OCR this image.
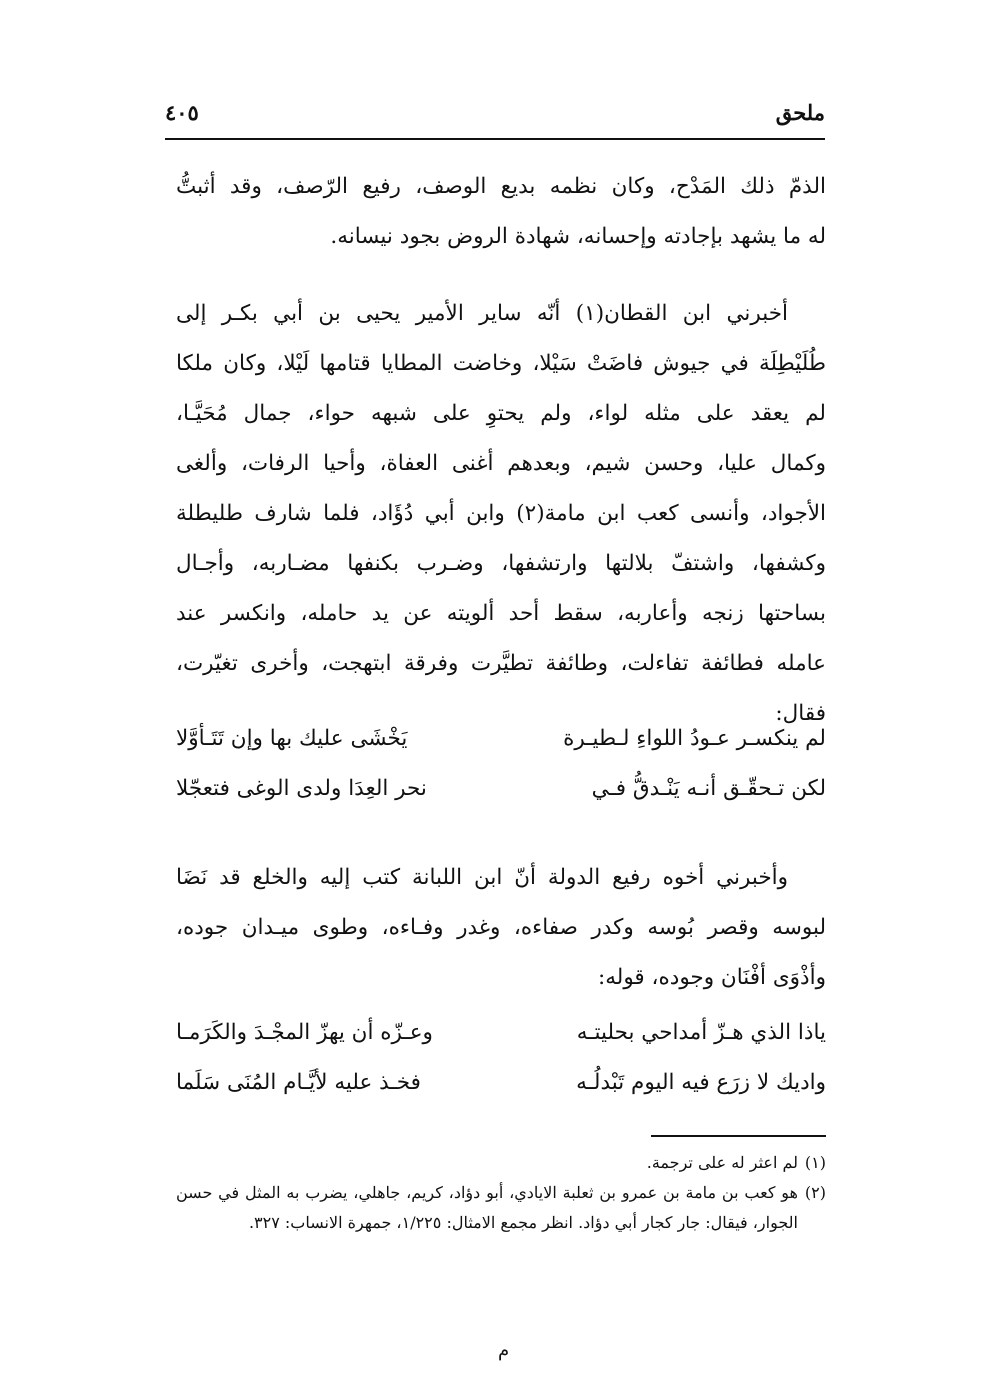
ملحق
٤٠٥
الذمّ ذلك المَدْح، وكان نظمه بديع الوصف، رفيع الرّصف، وقد أثبتُّ
له ما يشهد بإجادته وإحسانه، شهادة الروض بجود نيسانه.
أخبرني ابن القطان(١) أنّه ساير الأمير يحيى بن أبي بكـر إلى
طُلَيْطِلَة في جيوش فاضَتْ سَيْلا، وخاضت المطايا قتامها لَيْلا، وكان ملكا
لم يعقد على مثله لواء، ولم يحتوِ على شبهه حواء، جمال مُحَيَّـا،
وكمال عليا، وحسن شيم، وبعدهم أغنى العفاة، وأحيا الرفات، وألغى
الأجواد، وأنسى كعب ابن مامة(٢) وابن أبي دُؤَاد، فلما شارف طليطلة
وكشفها، واشتفّ بلالتها وارتشفها، وضـرب بكنفها مضـاربه، وأجـال
بساحتها زنجه وأعاربه، سقط أحد ألويته عن يد حامله، وانكسر عند
عامله فطائفة تفاءلت، وطائفة تطيَّرت وفرقة ابتهجت، وأخرى تغيّرت،
فقال:
لم ينكسـر عـودُ اللواءِ لـطيـرة
يَخْشَى عليك بها وإن تَتَـأوَّلا
لكن تـحقّـق أنـه يَنْـدقُّ فـي
نحر العِدَا ولدى الوغى فتعجّلا
وأخبرني أخوه رفيع الدولة أنّ ابن اللبانة كتب إليه والخلع قد نَضَا
لبوسه وقصر بُوسه وكدر صفاءه، وغدر وفـاءه، وطوى ميـدان جوده،
وأذْوَى أفْنَان وجوده، قوله:
ياذا الذي هـزّ أمداحي بحليتـه
وعـزّه أن يهزّ المجْـدَ والكَرَمـا
واديك لا زرَع فيه اليوم تَبْدلُـه
فخـذ عليه لأيَّـام المُنَى سَلَما
(١)
لم اعثر له على ترجمة.
(٢)
هو كعب بن مامة بن عمرو بن ثعلبة الايادي، أبو دؤاد، كريم، جاهلي، يضرب به المثل في حسن الجوار، فيقال: جار كجار أبي دؤاد. انظر مجمع الامثال: ١/٢٢٥، جمهرة الانساب: ٣٢٧.
م
